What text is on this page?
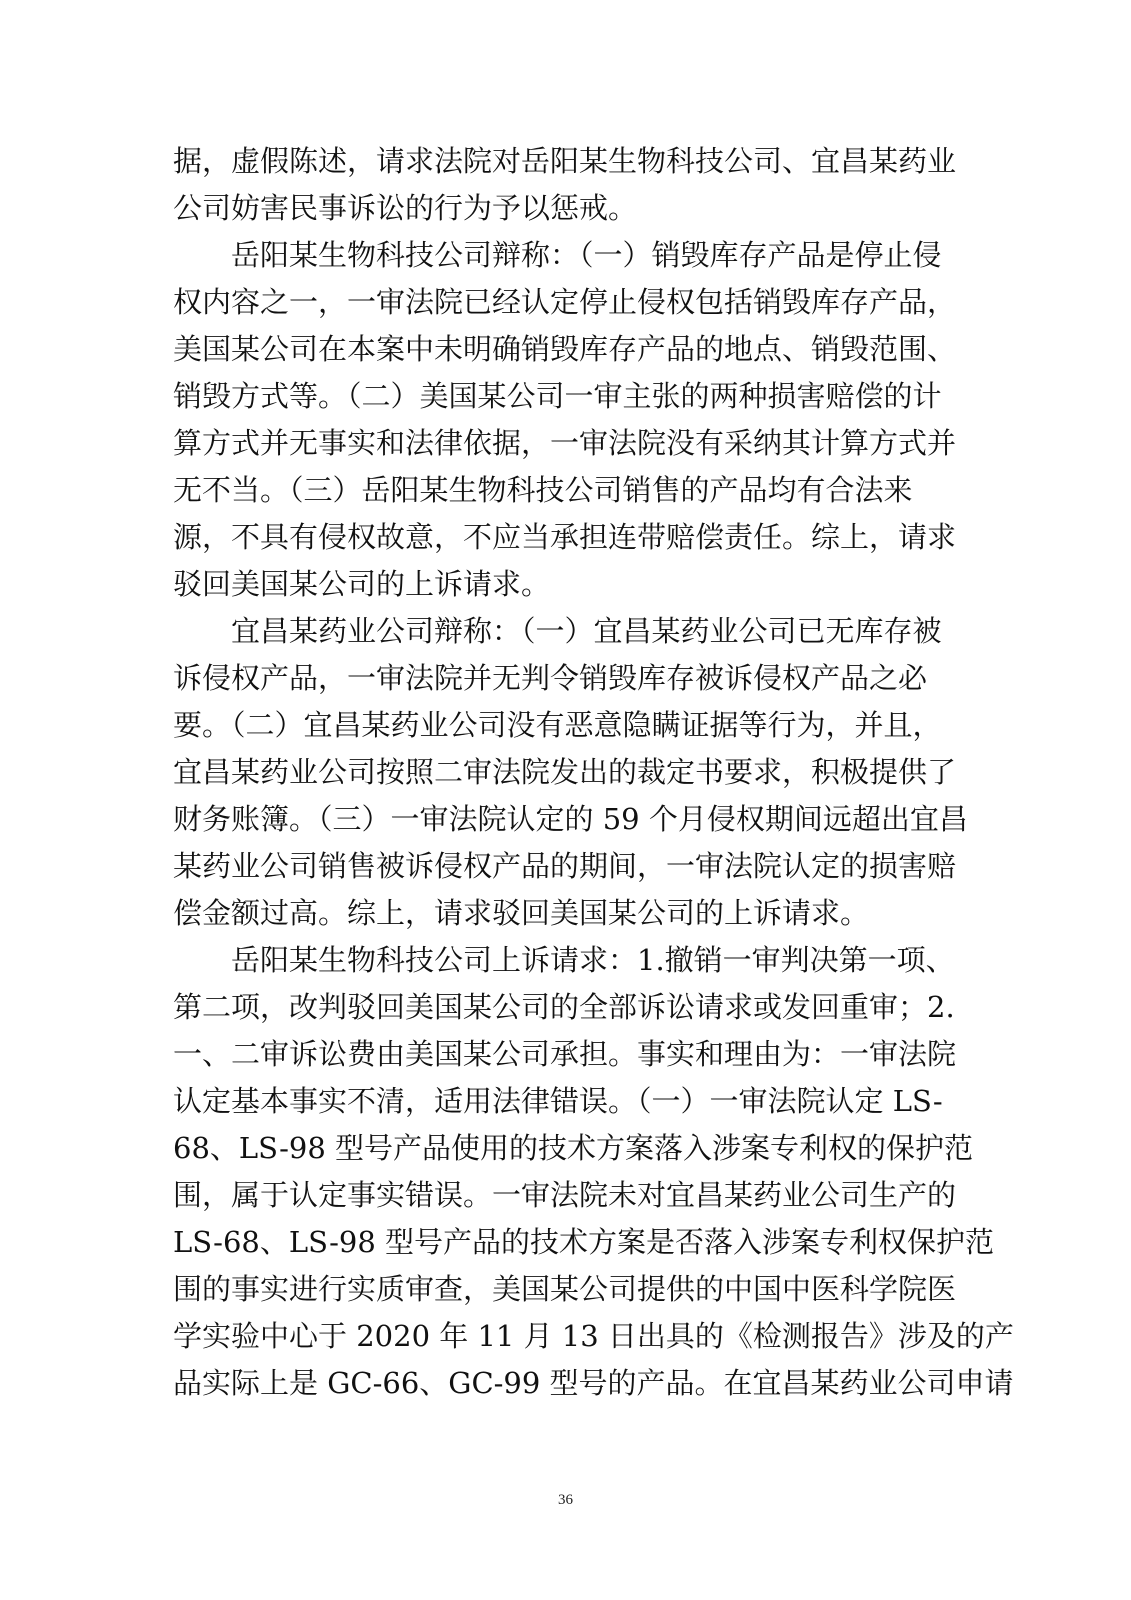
据，虚假陈述，请求法院对岳阳某生物科技公司、宜昌某药业
公司妨害民事诉讼的行为予以惩戒。
　　岳阳某生物科技公司辩称：（一）销毁库存产品是停止侵
权内容之一，一审法院已经认定停止侵权包括销毁库存产品，
美国某公司在本案中未明确销毁库存产品的地点、销毁范围、
销毁方式等。（二）美国某公司一审主张的两种损害赔偿的计
算方式并无事实和法律依据，一审法院没有采纳其计算方式并
无不当。（三）岳阳某生物科技公司销售的产品均有合法来
源，不具有侵权故意，不应当承担连带赔偿责任。综上，请求
驳回美国某公司的上诉请求。
　　宜昌某药业公司辩称：（一）宜昌某药业公司已无库存被
诉侵权产品，一审法院并无判令销毁库存被诉侵权产品之必
要。（二）宜昌某药业公司没有恶意隐瞒证据等行为，并且，
宜昌某药业公司按照二审法院发出的裁定书要求，积极提供了
财务账簿。（三）一审法院认定的 59 个月侵权期间远超出宜昌
某药业公司销售被诉侵权产品的期间，一审法院认定的损害赔
偿金额过高。综上，请求驳回美国某公司的上诉请求。
　　岳阳某生物科技公司上诉请求：1.撤销一审判决第一项、
第二项，改判驳回美国某公司的全部诉讼请求或发回重审；2.
一、二审诉讼费由美国某公司承担。事实和理由为：一审法院
认定基本事实不清，适用法律错误。（一）一审法院认定 LS-
68、LS-98 型号产品使用的技术方案落入涉案专利权的保护范
围，属于认定事实错误。一审法院未对宜昌某药业公司生产的
LS-68、LS-98 型号产品的技术方案是否落入涉案专利权保护范
围的事实进行实质审查，美国某公司提供的中国中医科学院医
学实验中心于 2020 年 11 月 13 日出具的《检测报告》涉及的产
品实际上是 GC-66、GC-99 型号的产品。在宜昌某药业公司申请
36
